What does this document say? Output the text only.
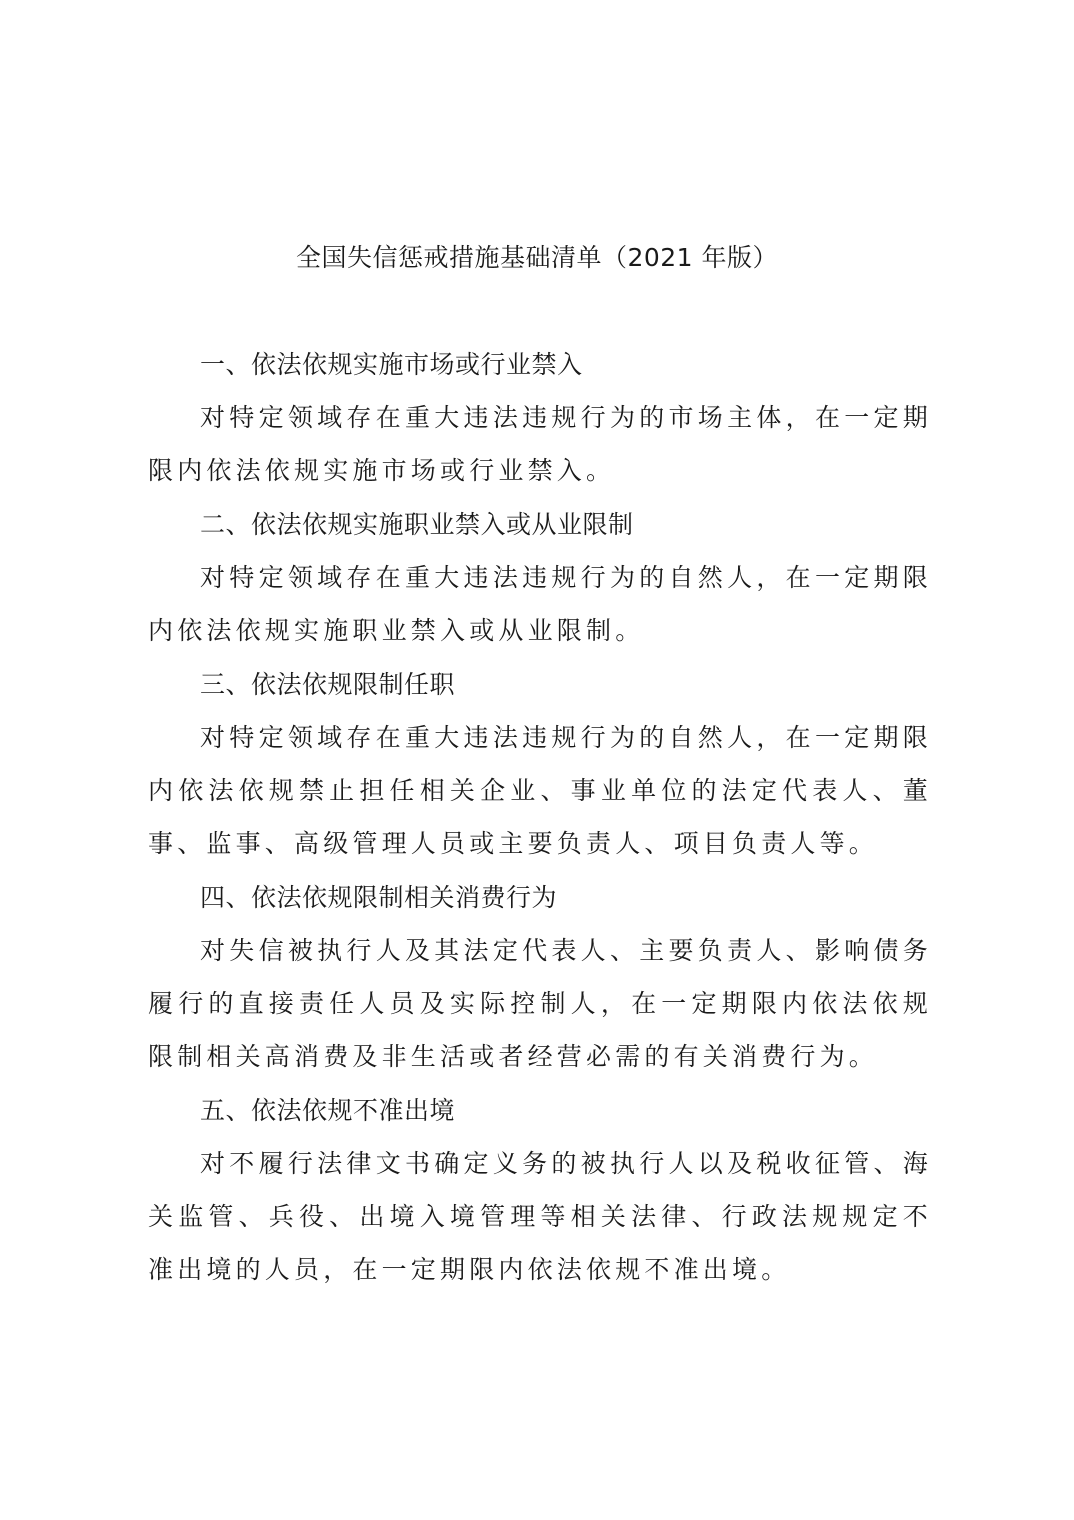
全国失信惩戒措施基础清单（2021 年版）
一、依法依规实施市场或行业禁入

对特定领域存在重大违法违规行为的市场主体，在一定期限内依法依规实施市场或行业禁入。

二、依法依规实施职业禁入或从业限制

对特定领域存在重大违法违规行为的自然人，在一定期限内依法依规实施职业禁入或从业限制。

三、依法依规限制任职

对特定领域存在重大违法违规行为的自然人，在一定期限内依法依规禁止担任相关企业、事业单位的法定代表人、董事、监事、高级管理人员或主要负责人、项目负责人等。

四、依法依规限制相关消费行为

对失信被执行人及其法定代表人、主要负责人、影响债务履行的直接责任人员及实际控制人，在一定期限内依法依规限制相关高消费及非生活或者经营必需的有关消费行为。

五、依法依规不准出境

对不履行法律文书确定义务的被执行人以及税收征管、海关监管、兵役、出境入境管理等相关法律、行政法规规定不准出境的人员，在一定期限内依法依规不准出境。
